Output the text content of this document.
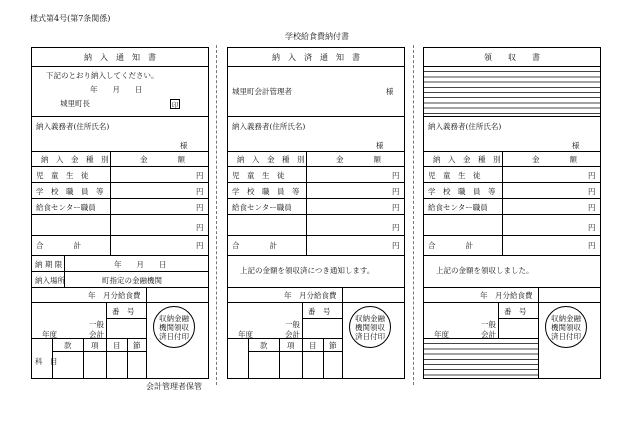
様式第4号(第7条関係)
学校給食費納付書
納　入　通　知　書
下記のとおり納入してください。
年　　月　　日
城里町長	印
納入義務者(住所氏名)
様
納　入　金　種　別	金　　　　額
児　童　生　徒	円
学　校　職　員　等	円
給食センター職員	円
円
合　　　　計	円
納 期 限	年　　月　　日
納入場所	町指定の金融機関
年　月分給食費
番　号
一般
会計
年度
款	項 目 節
科　目
収納金融
機関領収
済日付印
納　入　済　通　知　書
城里町会計管理者	様
納入義務者(住所氏名)
様
納　入　金　種　別	金　　　　額
児　童　生　徒	円
学　校　職　員　等	円
給食センター職員	円
円
合　　　　計	円
上記の金額を領収済につき通知します。
年　月分給食費
番　号
一般
会計
年度
款	項 目 節
収納金融
機関領収
済日付印
領　　収　　書
納入義務者(住所氏名)
様
納　入　金　種　別	金　　　　額
児　童　生　徒	円
学　校　職　員　等	円
給食センター職員	円
円
合　　　　計	円
上記の金額を領収しました。
年　月分給食費
番　号
一般
会計
年度
収納金融
機関領収
済日付印
会計管理者保管
